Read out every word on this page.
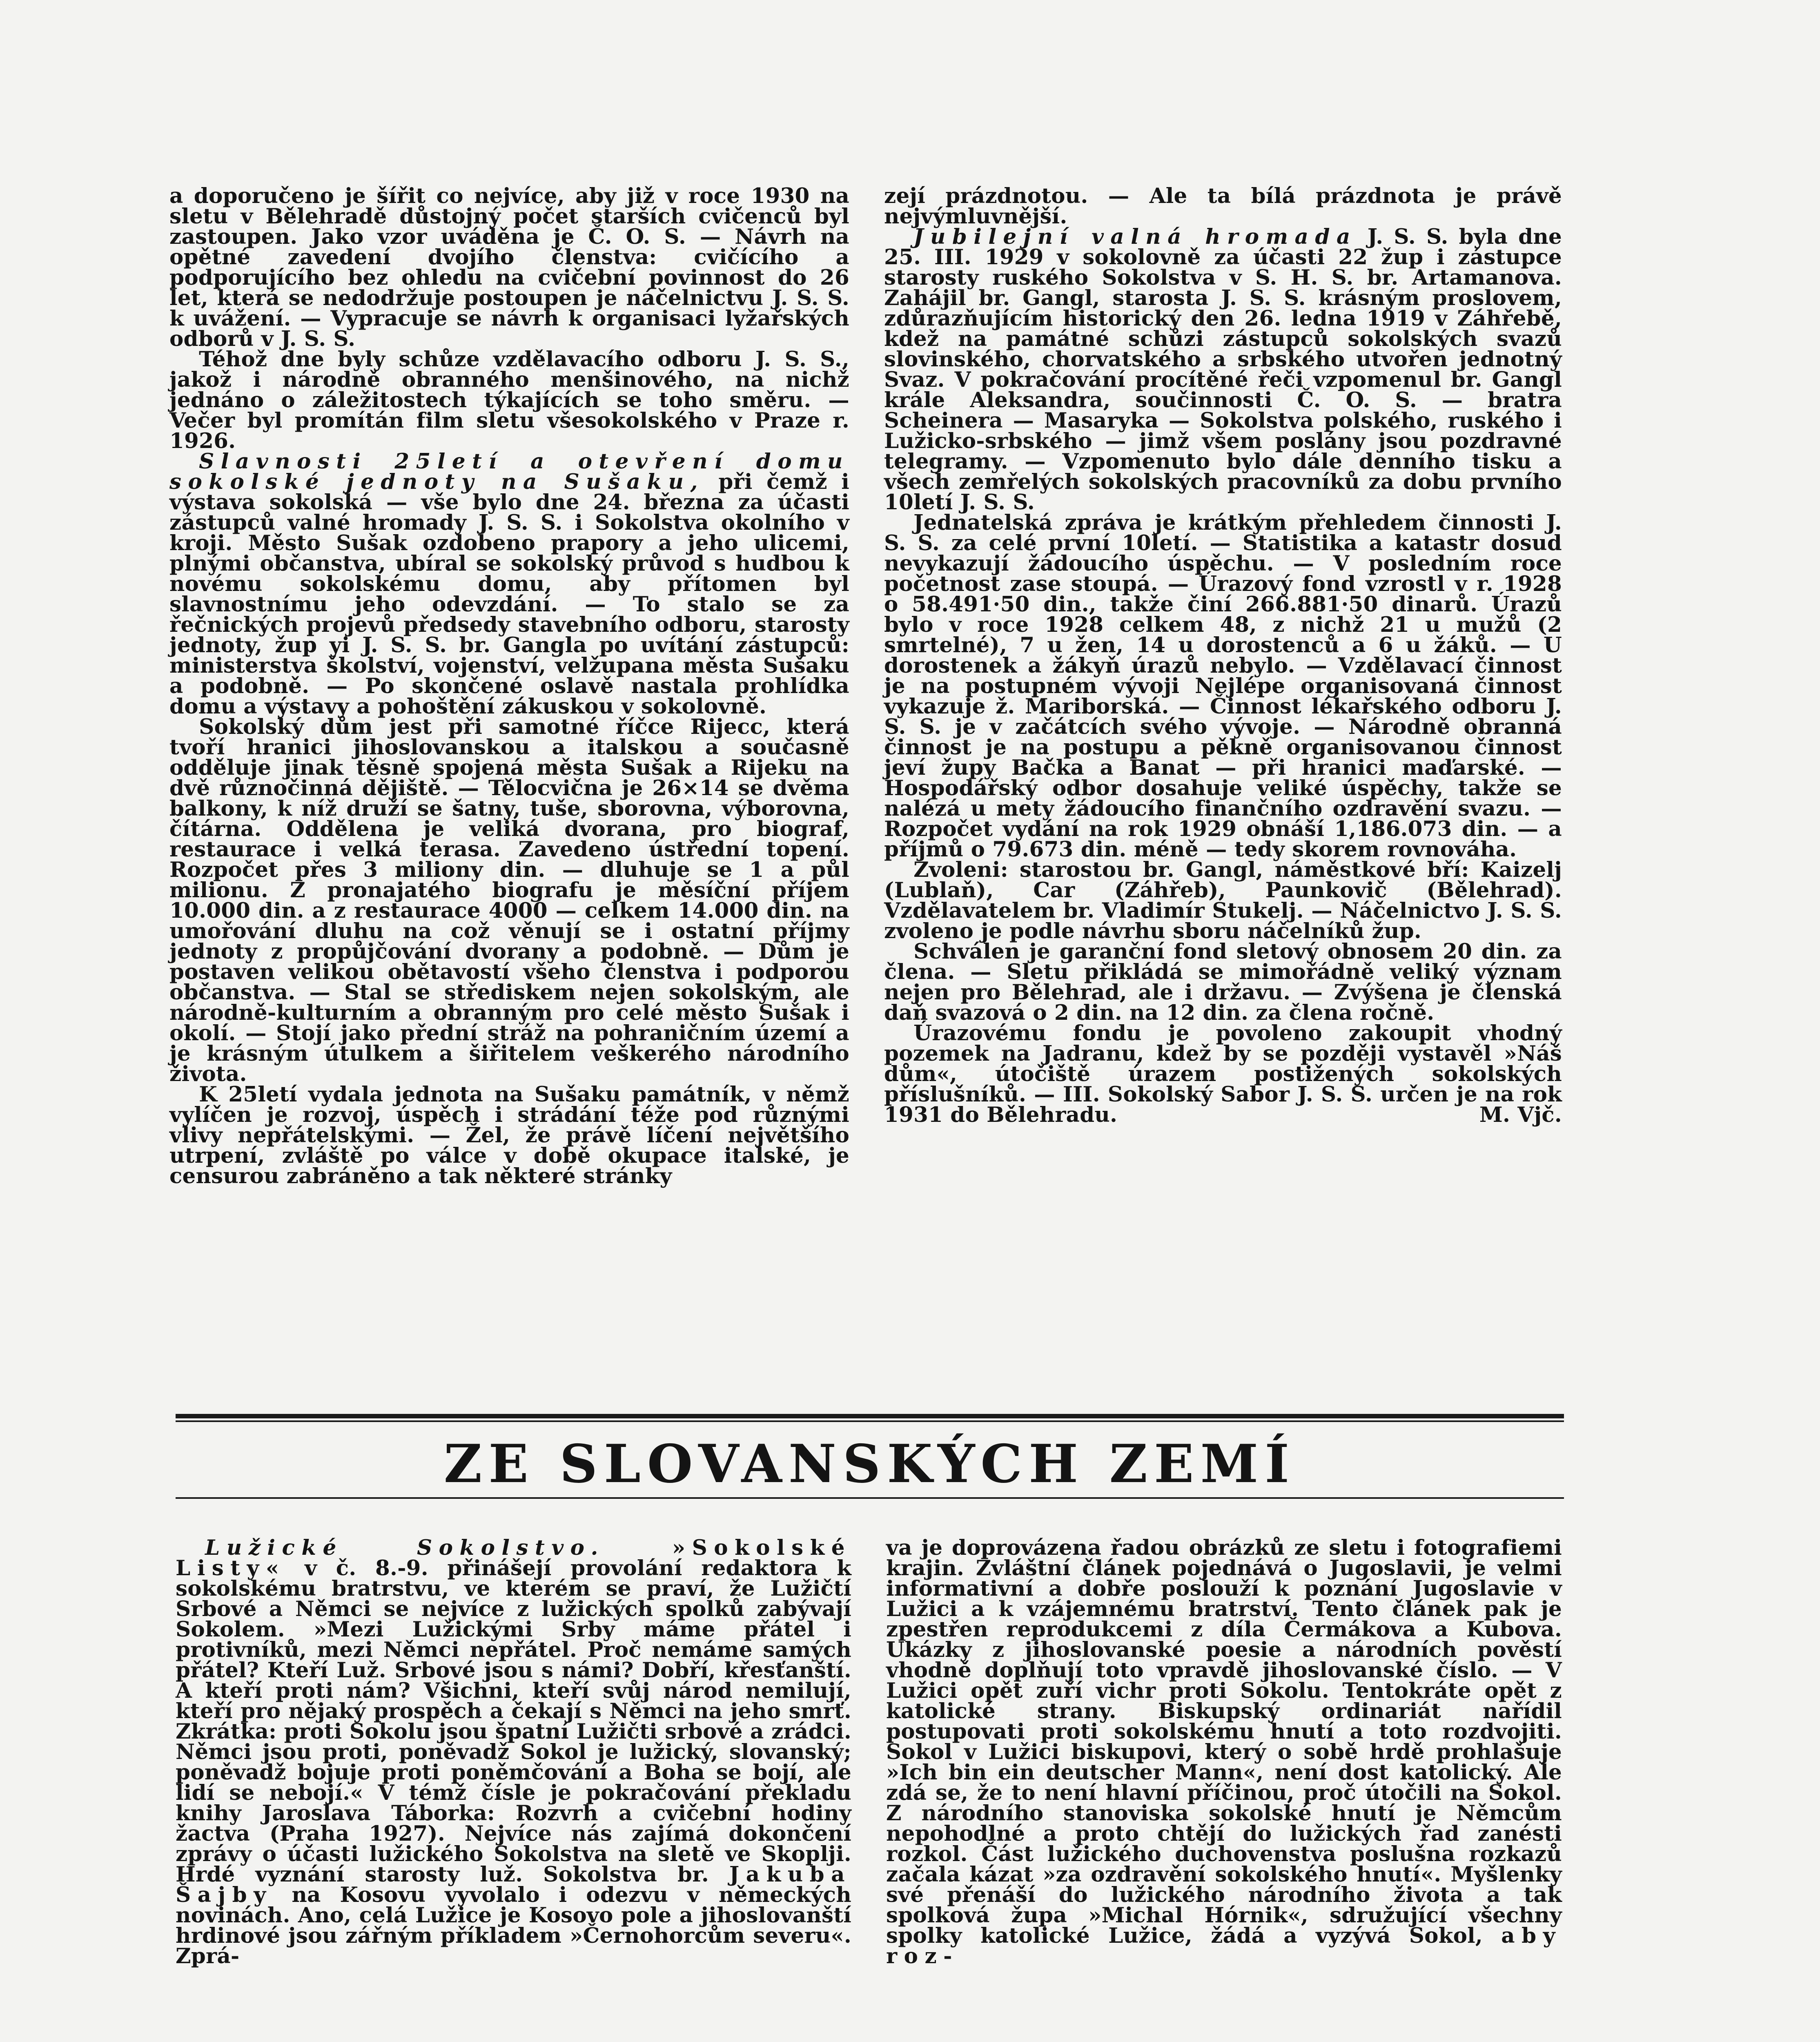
a doporučeno je šířit co nejvíce, aby již v roce 1930 na sletu v Bělehradě důstojný počet starších cvičenců byl zastoupen. Jako vzor uváděna je Č. O. S. — Návrh na opětné zavedení dvojího členstva: cvičícího a podporujícího bez ohledu na cvičební povinnost do 26 let, která se nedodržuje postoupen je náčelnictvu J. S. S. k uvážení. — Vypracuje se návrh k organisaci lyžařských odborů v J. S. S.

Téhož dne byly schůze vzdělavacího odboru J. S. S., jakož i národně obranného menšinového, na nichž jednáno o záležitostech týkajících se toho směru. — Večer byl promítán film sletu všesokolského v Praze r. 1926.

Slavnosti 25letí a otevření domu sokolské jednoty na Sušaku, při čemž i výstava sokolská — vše bylo dne 24. března za účasti zástupců valné hromady J. S. S. i Sokolstva okolního v kroji. Město Sušak ozdobeno prapory a jeho ulicemi, plnými občanstva, ubíral se sokolský průvod s hudbou k novému sokolskému domu, aby přítomen byl slavnostnímu jeho odevzdání. — To stalo se za řečnických projevů předsedy stavebního odboru, starosty jednoty, žup yi J. S. S. br. Gangla po uvítání zástupců: ministerstva školství, vojenství, velžupana města Sušaku a podobně. — Po skončené oslavě nastala prohlídka domu a výstavy a pohoštění zákuskou v sokolovně.

Sokolský dům jest při samotné říčce Rijecc, která tvoří hranici jihoslovanskou a italskou a současně odděluje jinak těsně spojená města Sušak a Rijeku na dvě různočinná dějiště. — Tělocvična je 26×14 se dvěma balkony, k níž druží se šatny, tuše, sborovna, výborovna, čítárna. Oddělena je veliká dvorana, pro biograf, restaurace i velká terasa. Zavedeno ústřední topení. Rozpočet přes 3 miliony din. — dluhuje se 1 a půl milionu. Z pronajatého biografu je měsíční příjem 10.000 din. a z restaurace 4000 — celkem 14.000 din. na umořování dluhu na což věnují se i ostatní příjmy jednoty z propůjčování dvorany a podobně. — Dům je postaven velikou obětavostí všeho členstva i podporou občanstva. — Stal se střediskem nejen sokolským, ale národně-kulturním a obranným pro celé město Sušak i okolí. — Stojí jako přední stráž na pohraničním území a je krásným útulkem a šiřitelem veškerého národního života.

K 25letí vydala jednota na Sušaku památník, v němž vylíčen je rozvoj, úspěch i strádání téže pod různými vlivy nepřátelskými. — Žel, že právě líčení největšího utrpení, zvláště po válce v době okupace italské, je censurou zabráněno a tak některé stránky

zejí prázdnotou. — Ale ta bílá prázdnota je právě nejvýmluvnější.

Jubilejní valná hromada J. S. S. byla dne 25. III. 1929 v sokolovně za účasti 22 žup i zástupce starosty ruského Sokolstva v S. H. S. br. Artamanova. Zahájil br. Gangl, starosta J. S. S. krásným proslovem, zdůrazňujícím historický den 26. ledna 1919 v Záhřebě, kdež na památné schůzi zástupců sokolských svazů slovinského, chorvatského a srbského utvořen jednotný Svaz. V pokračování procítěné řeči vzpomenul br. Gangl krále Aleksandra, součinnosti Č. O. S. — bratra Scheinera — Masaryka — Sokolstva polského, ruského i Lužicko-srbského — jimž všem poslány jsou pozdravné telegramy. — Vzpomenuto bylo dále denního tisku a všech zemřelých sokolských pracovníků za dobu prvního 10letí J. S. S.

Jednatelská zpráva je krátkým přehledem činnosti J. S. S. za celé první 10letí. — Statistika a katastr dosud nevykazují žádoucího úspěchu. — V posledním roce početnost zase stoupá. — Úrazový fond vzrostl v r. 1928 o 58.491·50 din., takže činí 266.881·50 dinarů. Úrazů bylo v roce 1928 celkem 48, z nichž 21 u mužů (2 smrtelné), 7 u žen, 14 u dorostenců a 6 u žáků. — U dorostenek a žákyň úrazů nebylo. — Vzdělavací činnost je na postupném vývoji Nejlépe organisovaná činnost vykazuje ž. Mariborská. — Činnost lékařského odboru J. S. S. je v začátcích svého vývoje. — Národně obranná činnost je na postupu a pěkně organisovanou činnost jeví župy Bačka a Banat — při hranici maďarské. — Hospodářský odbor dosahuje veliké úspěchy, takže se nalézá u mety žádoucího finančního ozdravění svazu. — Rozpočet vydání na rok 1929 obnáší 1,186.073 din. — a příjmů o 79.673 din. méně — tedy skorem rovnováha.

Zvoleni: starostou br. Gangl, náměstkové bří: Kaizelj (Lublaň), Car (Záhřeb), Paunkovič (Bělehrad). Vzdělavatelem br. Vladimír Stukelj. — Náčelnictvo J. S. S. zvoleno je podle návrhu sboru náčelníků žup.

Schválen je garanční fond sletový obnosem 20 din. za člena. — Sletu přikládá se mimořádně veliký význam nejen pro Bělehrad, ale i državu. — Zvýšena je členská daň svazová o 2 din. na 12 din. za člena ročně.

Úrazovému fondu je povoleno zakoupit vhodný pozemek na Jadranu, kdež by se později vystavěl »Náš dům«, útočiště úrazem postižených sokolských příslušníků. — III. Sokolský Sabor J. S. S. určen je na rok 1931 do Bělehradu.	M. Vjč.

ZE SLOVANSKÝCH ZEMÍ

Lužické Sokolstvo.	»Sokolské Listy« v č. 8.-9. přinášejí provolání redaktora k sokolskému bratrstvu, ve kterém se praví, že Lužičtí Srbové a Němci se nejvíce z lužických spolků zabývají Sokolem. »Mezi Lužickými Srby máme přátel i protivníků, mezi Němci nepřátel. Proč nemáme samých přátel? Kteří Luž. Srbové jsou s námi? Dobří, křesťanští. A kteří proti nám? Všichni, kteří svůj národ nemilují, kteří pro nějaký prospěch a čekají s Němci na jeho smrť. Zkrátka: proti Sokolu jsou špatní Lužičti srbové a zrádci. Němci jsou proti, poněvadž Sokol je lužický, slovanský; poněvadž bojuje proti poněmčování a Boha se bojí, ale lidí se nebojí.« V témž čísle je pokračování překladu knihy Jaroslava Táborka: Rozvrh a cvičební hodiny žactva (Praha 1927). Nejvíce nás zajímá dokončení zprávy o účasti lužického Sokolstva na sletě ve Skoplji. Hrdé vyznání starosty luž. Sokolstva br. Jakuba Šajby na Kosovu vyvolalo i odezvu v německých novinách. Ano, celá Lužice je Kosovo pole a jihoslovanští hrdinové jsou zářným příkladem »Černohorcům severu«. Zprá-

va je doprovázena řadou obrázků ze sletu i fotografiemi krajin. Zvláštní článek pojednává o Jugoslavii, je velmi informativní a dobře poslouží k poznání Jugoslavie v Lužici a k vzájemnému bratrství. Tento článek pak je zpestřen reprodukcemi z díla Čermákova a Kubova. Ukázky z jihoslovanské poesie a národních pověstí vhodně doplňují toto vpravdě jihoslovanské číslo. — V Lužici opět zuří vichr proti Sokolu. Tentokráte opět z katolické strany. Biskupský ordinariát nařídil postupovati proti sokolskému hnutí a toto rozdvojiti. Sokol v Lužici biskupovi, který o sobě hrdě prohlašuje »Ich bin ein deutscher Mann«, není dost katolický. Ale zdá se, že to není hlavní příčinou, proč útočili na Sokol. Z národního stanoviska sokolské hnutí je Němcům nepohodlné a proto chtějí do lužických řad zanésti rozkol. Část lužického duchovenstva poslušna rozkazů začala kázat »za ozdravění sokolského hnutí«. Myšlenky své přenáší do lužického národního života a tak spolková župa »Michal Hórnik«, sdružující všechny spolky katolické Lužice, žádá a vyzývá Sokol, aby roz-
